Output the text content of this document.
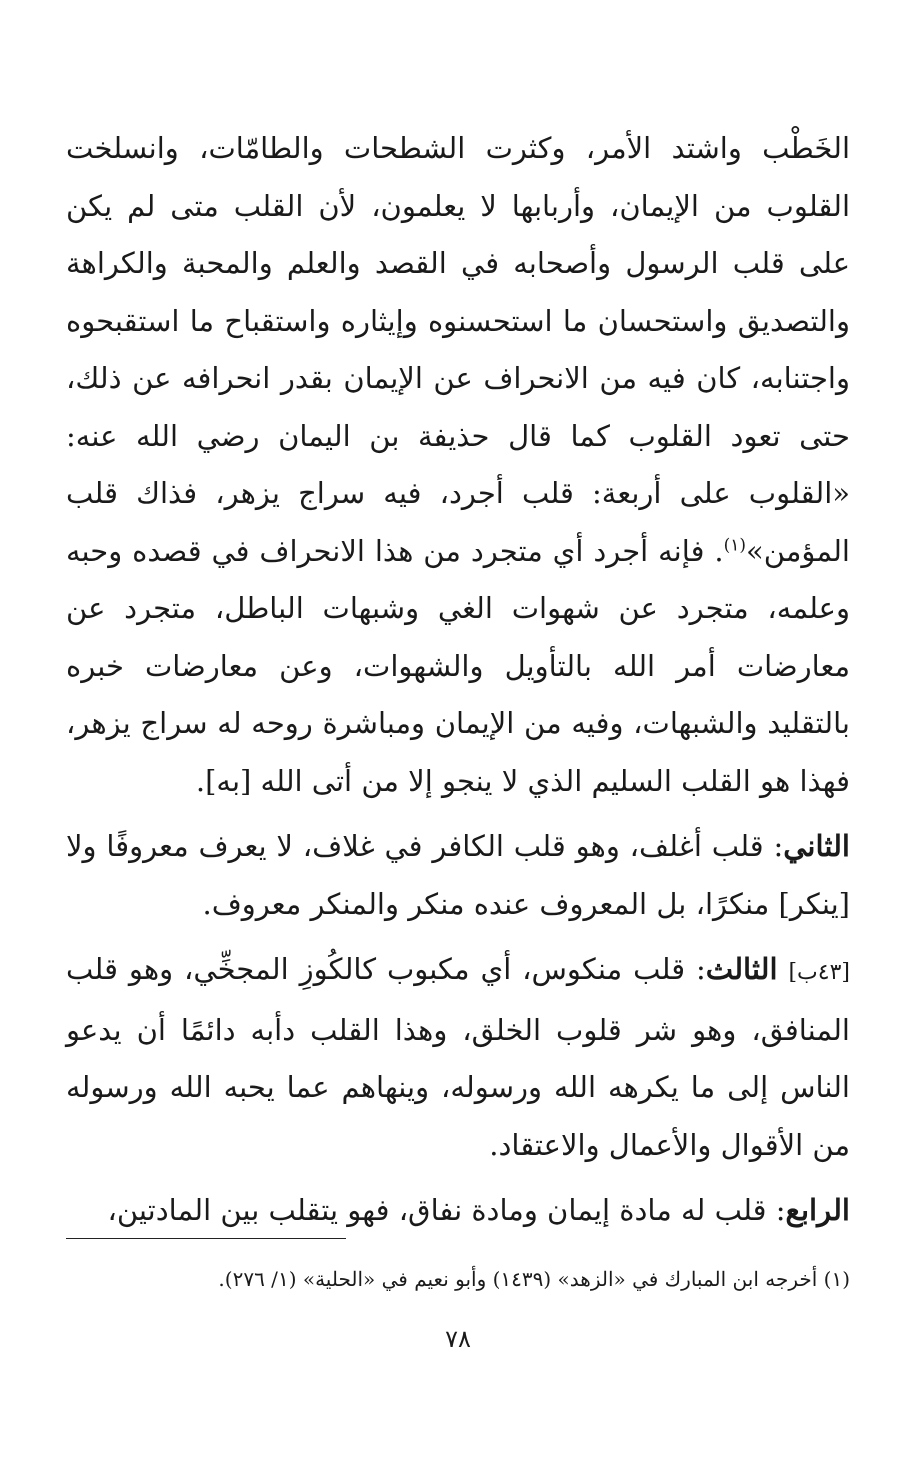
الخَطْب واشتد الأمر، وكثرت الشطحات والطامّات، وانسلخت القلوب من الإيمان، وأربابها لا يعلمون، لأن القلب متى لم يكن على قلب الرسول وأصحابه في القصد والعلم والمحبة والكراهة والتصديق واستحسان ما استحسنوه وإيثاره واستقباح ما استقبحوه واجتنابه، كان فيه من الانحراف عن الإيمان بقدر انحرافه عن ذلك، حتى تعود القلوب كما قال حذيفة بن اليمان رضي الله عنه: «القلوب على أربعة: قلب أجرد، فيه سراج يزهر، فذاك قلب المؤمن»$^{(١)}$. فإنه أجرد أي متجرد من هذا الانحراف في قصده وحبه وعلمه، متجرد عن شهوات الغي وشبهات الباطل، متجرد عن معارضات أمر الله بالتأويل والشهوات، وعن معارضات خبره بالتقليد والشبهات، وفيه من الإيمان ومباشرة روحه له سراج يزهر، فهذا هو القلب السليم الذي لا ينجو إلا من أتى الله [به].

الثاني: قلب أغلف، وهو قلب الكافر في غلاف، لا يعرف معروفًا ولا [ينكر] منكرًا، بل المعروف عنده منكر والمنكر معروف.

[٤٣ب] الثالث: قلب منكوس، أي مكبوب كالكُوزِ المجخِّي، وهو قلب المنافق، وهو شر قلوب الخلق، وهذا القلب دأبه دائمًا أن يدعو الناس إلى ما يكرهه الله ورسوله، وينهاهم عما يحبه الله ورسوله من الأقوال والأعمال والاعتقاد.

الرابع: قلب له مادة إيمان ومادة نفاق، فهو يتقلب بين المادتين،

(١) أخرجه ابن المبارك في «الزهد» (١٤٣٩) وأبو نعيم في «الحلية» (١/ ٢٧٦).
٧٨
